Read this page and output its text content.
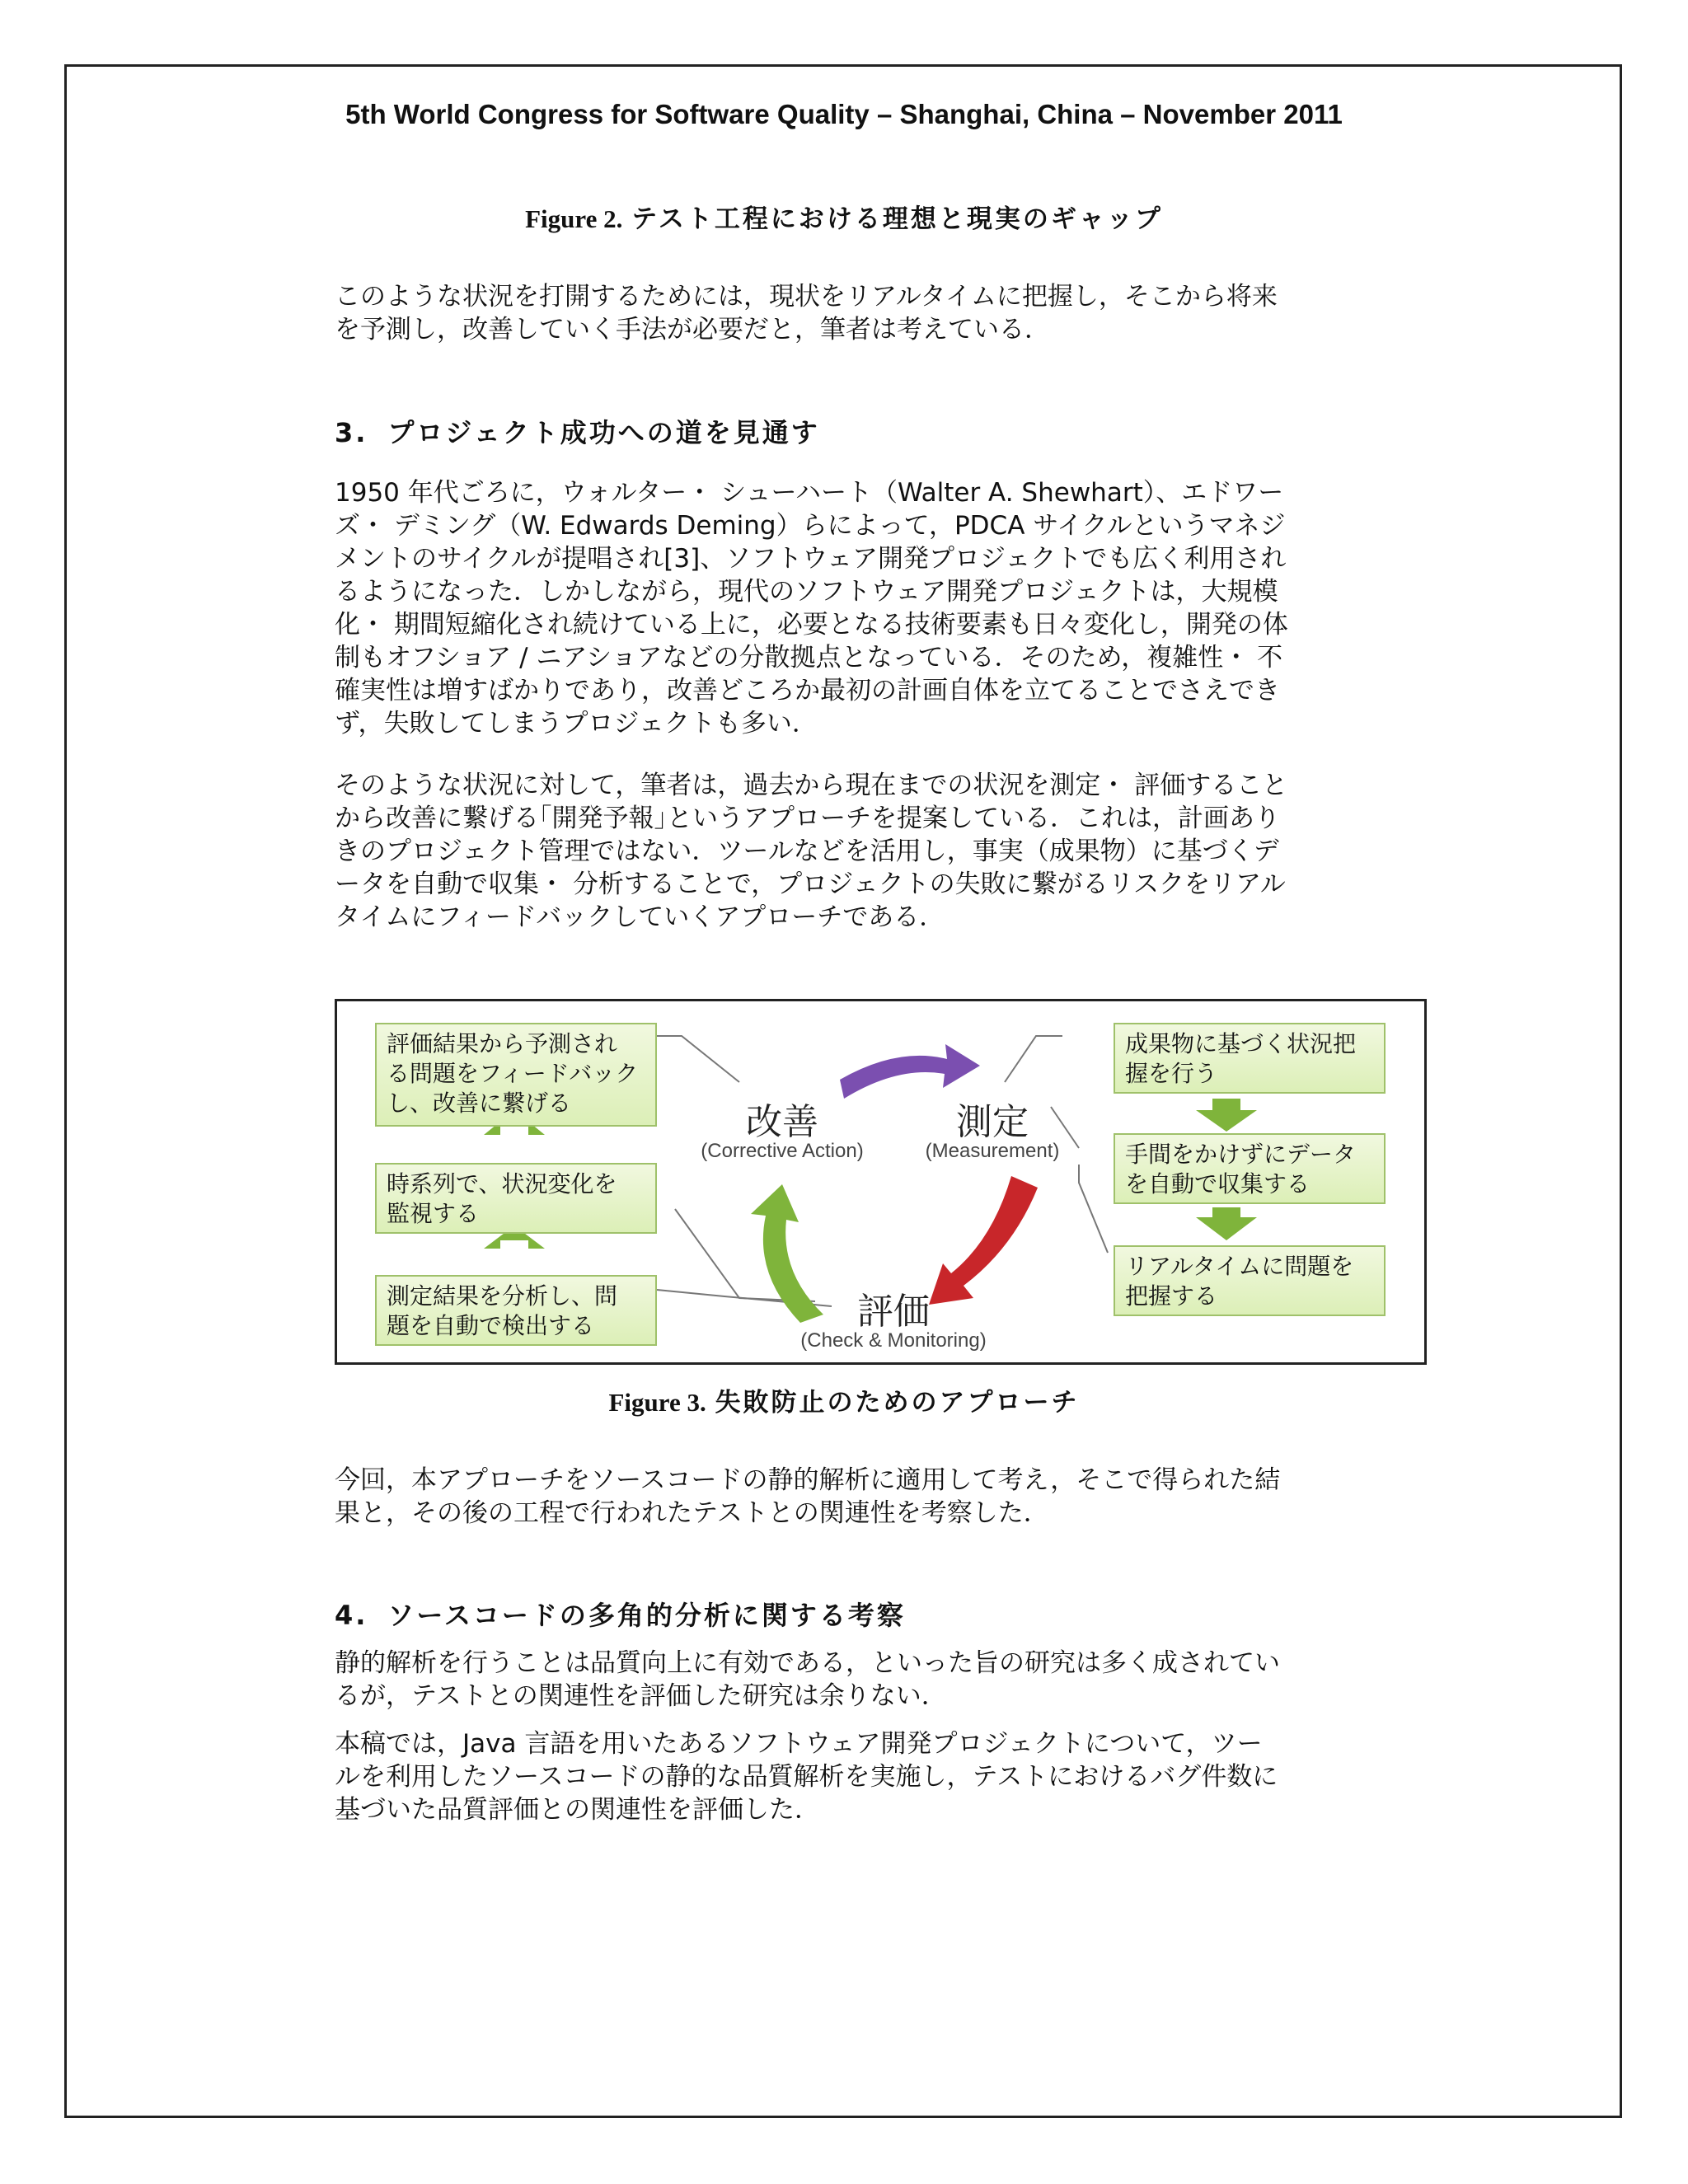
5th World Congress for Software Quality – Shanghai, China – November 2011
Figure 2. テスト工程における理想と現実のギャップ
このような状況を打開するためには，現状をリアルタイムに把握し，そこから将来
を予測し，改善していく手法が必要だと，筆者は考えている．
3. プロジェクト成功への道を見通す
1950 年代ごろに，ウォルター・ シューハート（Walter A. Shewhart）、エドワー
ズ・ デミング（W. Edwards Deming）らによって，PDCA サイクルというマネジ
メントのサイクルが提唱され[3]、ソフトウェア開発プロジェクトでも広く利用され
るようになった．しかしながら，現代のソフトウェア開発プロジェクトは，大規模
化・ 期間短縮化され続けている上に，必要となる技術要素も日々変化し，開発の体
制もオフショア / ニアショアなどの分散拠点となっている．そのため，複雑性・ 不
確実性は増すばかりであり，改善どころか最初の計画自体を立てることでさえでき
ず，失敗してしまうプロジェクトも多い．
そのような状況に対して，筆者は，過去から現在までの状況を測定・ 評価すること
から改善に繋げる｢開発予報｣というアプローチを提案している．これは，計画あり
きのプロジェクト管理ではない．ツールなどを活用し，事実（成果物）に基づくデ
ータを自動で収集・ 分析することで，プロジェクトの失敗に繋がるリスクをリアル
タイムにフィードバックしていくアプローチである．
評価結果から予測され
る問題をフィードバック
し、改善に繋げる
時系列で、状況変化を
監視する
測定結果を分析し、問
題を自動で検出する
成果物に基づく状況把
握を行う
手間をかけずにデータ
を自動で収集する
リアルタイムに問題を
把握する
改善
(Corrective Action)
測定
(Measurement)
評価
(Check & Monitoring)
Figure 3. 失敗防止のためのアプローチ
今回，本アプローチをソースコードの静的解析に適用して考え，そこで得られた結
果と，その後の工程で行われたテストとの関連性を考察した．
4. ソースコードの多角的分析に関する考察
静的解析を行うことは品質向上に有効である，といった旨の研究は多く成されてい
るが，テストとの関連性を評価した研究は余りない．
本稿では，Java 言語を用いたあるソフトウェア開発プロジェクトについて，ツー
ルを利用したソースコードの静的な品質解析を実施し，テストにおけるバグ件数に
基づいた品質評価との関連性を評価した．
